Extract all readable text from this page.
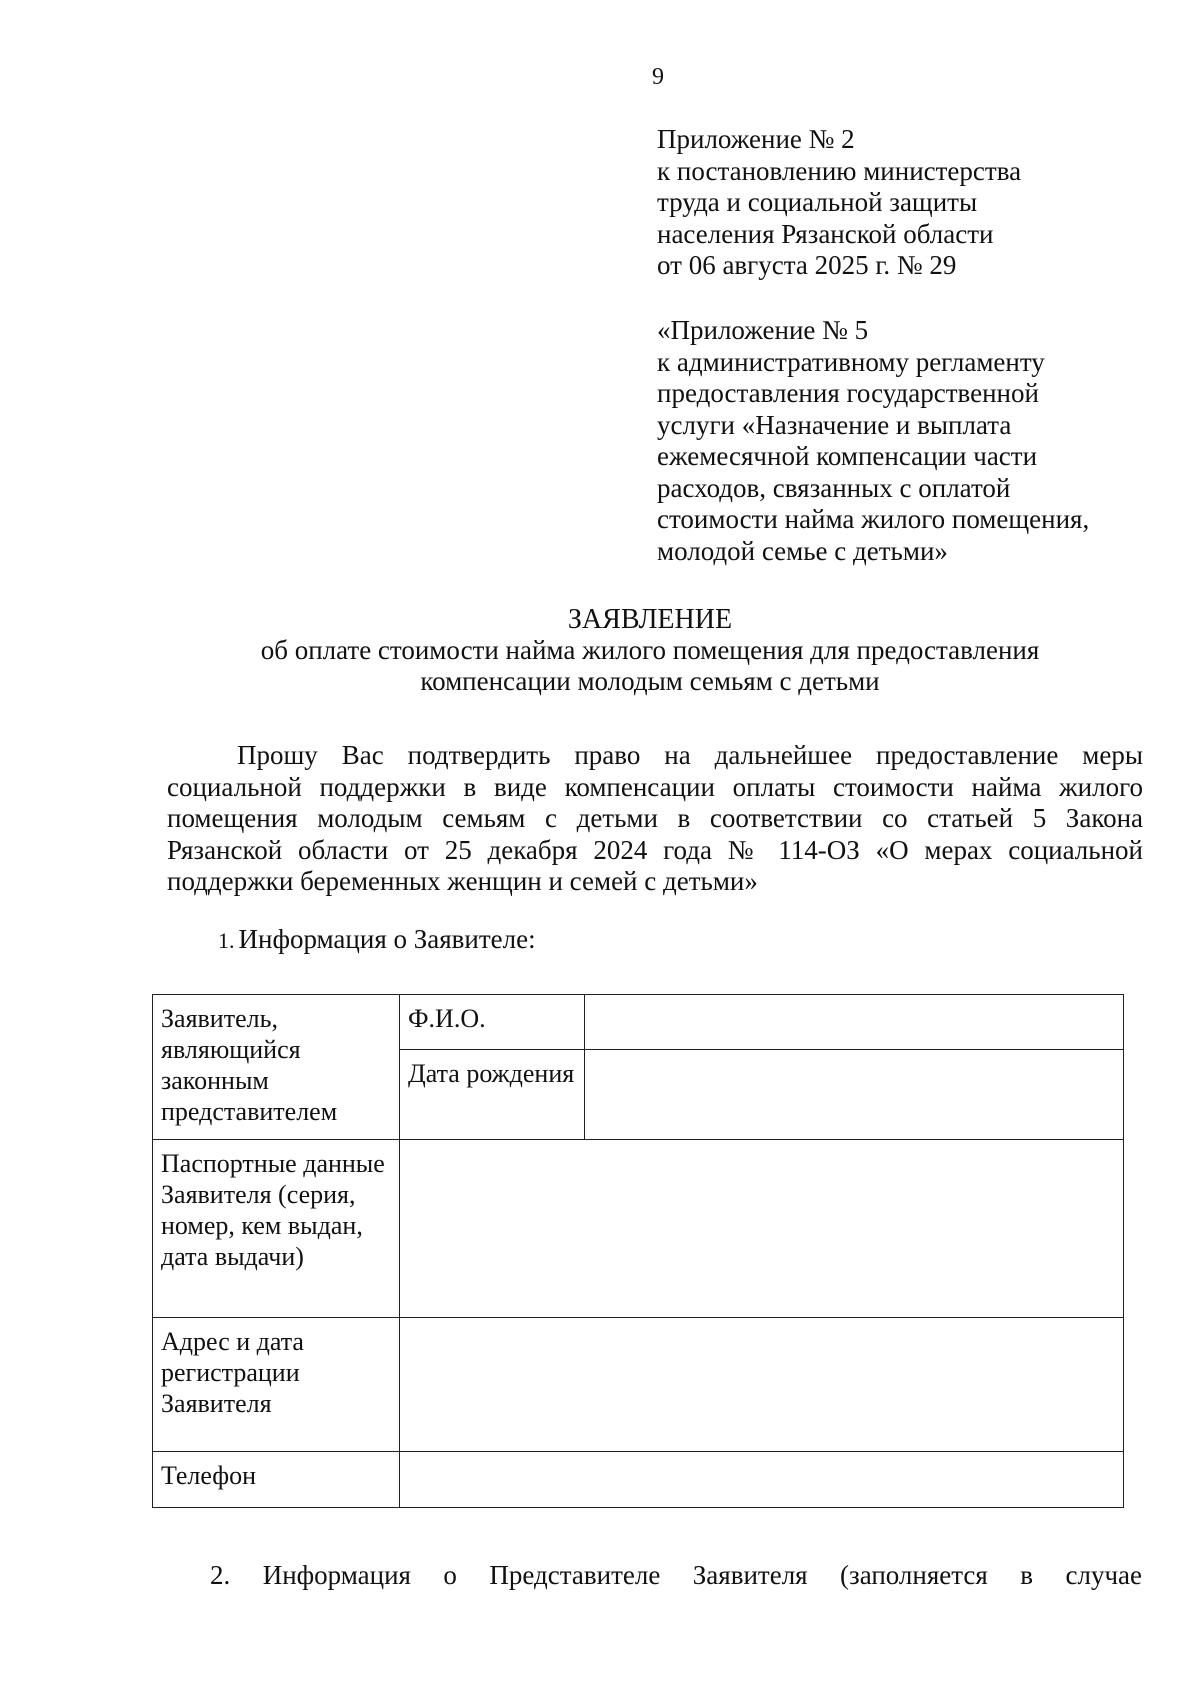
9
Приложение № 2
к постановлению министерства
труда и социальной защиты
населения Рязанской области
от 06 августа 2025 г. № 29
«Приложение № 5
к административному регламенту
предоставления государственной
услуги «Назначение и выплата
ежемесячной компенсации части
расходов, связанных с оплатой
стоимости найма жилого помещения,
молодой семье с детьми»
ЗАЯВЛЕНИЕ
об оплате стоимости найма жилого помещения для предоставления
компенсации молодым семьям с детьми
Прошу Вас подтвердить право на дальнейшее предоставление меры
социальной поддержки в виде компенсации оплаты стоимости найма жилого
помещения молодым семьям с детьми в соответствии со статьей 5 Закона
Рязанской области от 25 декабря 2024 года № 114-ОЗ «О мерах социальной
поддержки беременных женщин и семей с детьми»
1. Информация о Заявителе:
Заявитель, являющийся законным представителем	Ф.И.О.	
	Дата рождения	
Паспортные данные Заявителя (серия, номер, кем выдан, дата выдачи)		
Адрес и дата регистрации Заявителя		
Телефон		
2. Информация о Представителе Заявителя (заполняется в случае
